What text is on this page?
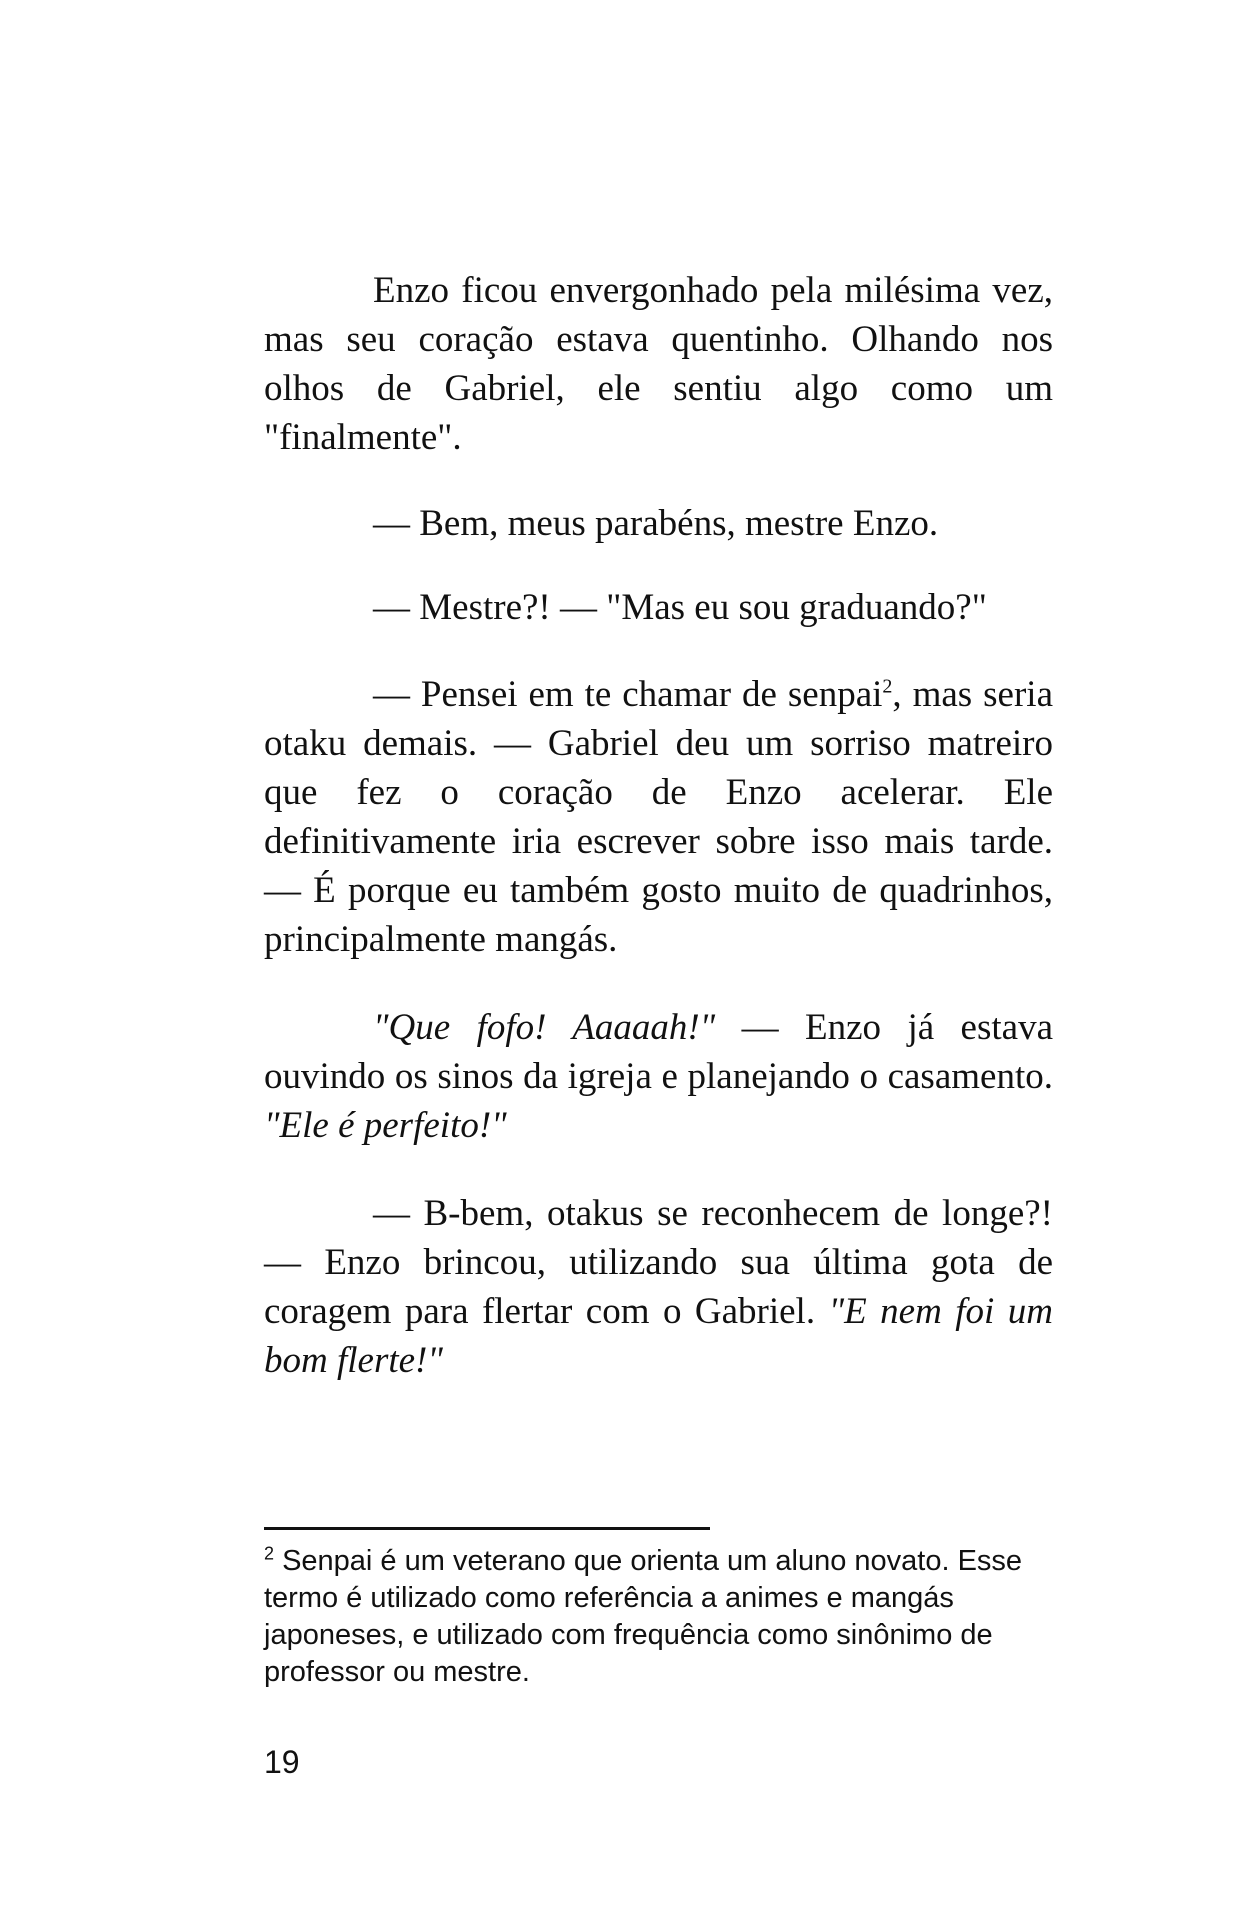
Enzo ficou envergonhado pela milésima vez, mas seu coração estava quentinho. Olhando nos olhos de Gabriel, ele sentiu algo como um "finalmente".

— Bem, meus parabéns, mestre Enzo.

— Mestre?! — "Mas eu sou graduando?"

— Pensei em te chamar de senpai$^2$, mas seria otaku demais. — Gabriel deu um sorriso matreiro que fez o coração de Enzo acelerar. Ele definitivamente iria escrever sobre isso mais tarde. — É porque eu também gosto muito de quadrinhos, principalmente mangás.

"Que fofo! Aaaaah!" — Enzo já estava ouvindo os sinos da igreja e planejando o casamento. "Ele é perfeito!"

— B-bem, otakus se reconhecem de longe?! — Enzo brincou, utilizando sua última gota de coragem para flertar com o Gabriel. "E nem foi um bom flerte!"

$^2$ Senpai é um veterano que orienta um aluno novato. Esse termo é utilizado como referência a animes e mangás japoneses, e utilizado com frequência como sinônimo de professor ou mestre.

19
